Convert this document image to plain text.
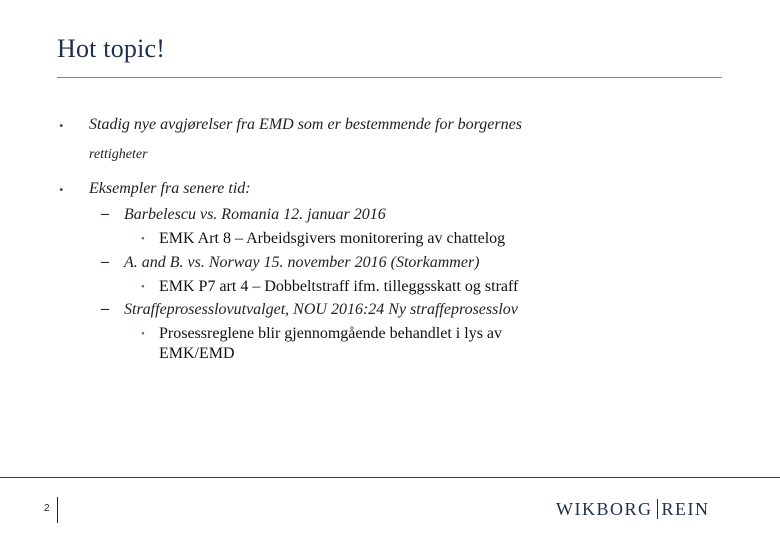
Hot topic!
• Stadig nye avgjørelser fra EMD som er bestemmende for borgernes
rettigheter
• Eksempler fra senere tid:
– Barbelescu vs. Romania 12. januar 2016
• EMK Art 8 – Arbeidsgivers monitorering av chattelog
– A. and B. vs. Norway 15. november 2016 (Storkammer)
• EMK P7 art 4 – Dobbeltstraff ifm. tilleggsskatt og straff
– Straffeprosesslovutvalget, NOU 2016:24 Ny straffeprosesslov
• Prosessreglene blir gjennomgående behandlet i lys av
EMK/EMD
2	WIKBORG REIN
